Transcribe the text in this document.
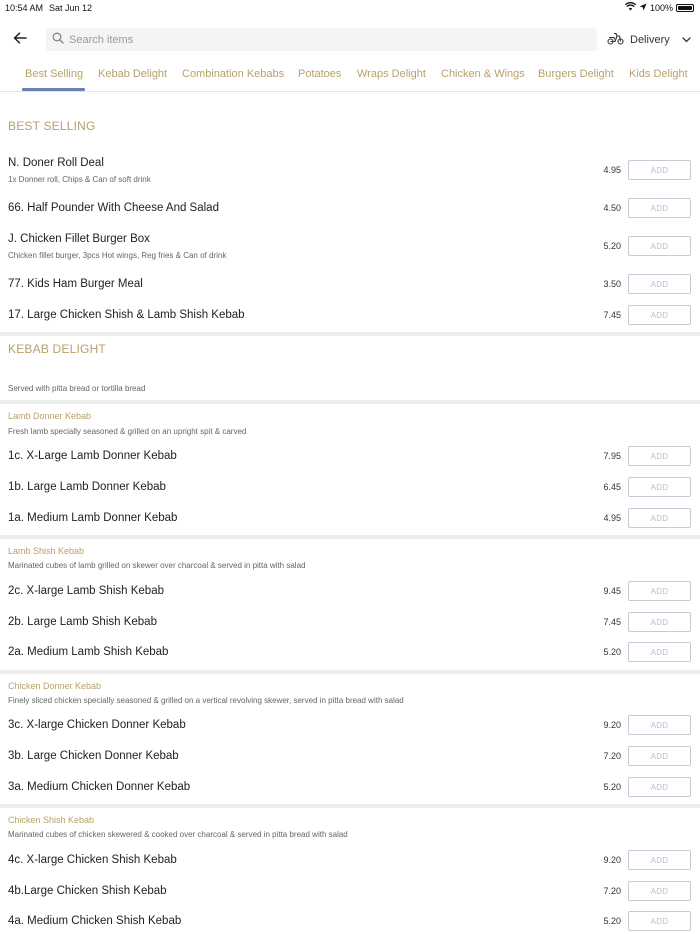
10:54 AM Sat Jun 12	100%
Search items
Delivery
Best Selling Kebab Delight Combination Kebabs Potatoes Wraps Delight Chicken & Wings Burgers Delight Kids Delight
BEST SELLING
N. Doner Roll Deal
1x Donner roll, Chips & Can of soft drink
4.95	ADD
66. Half Pounder With Cheese And Salad	4.50	ADD
J. Chicken Fillet Burger Box
Chicken fillet burger, 3pcs Hot wings, Reg fries & Can of drink
5.20	ADD
77. Kids Ham Burger Meal	3.50	ADD
17. Large Chicken Shish & Lamb Shish Kebab	7.45	ADD
KEBAB DELIGHT
Served with pitta bread or tortilla bread
Lamb Donner Kebab
Fresh lamb specially seasoned & grilled on an upright spit & carved
1c. X-Large Lamb Donner Kebab	7.95	ADD
1b. Large Lamb Donner Kebab	6.45	ADD
1a. Medium Lamb Donner Kebab	4.95	ADD
Lamb Shish Kebab
Marinated cubes of lamb grilled on skewer over charcoal & served in pitta with salad
2c. X-large Lamb Shish Kebab	9.45	ADD
2b. Large Lamb Shish Kebab	7.45	ADD
2a. Medium Lamb Shish Kebab	5.20	ADD
Chicken Donner Kebab
Finely sliced chicken specially seasoned & grilled on a vertical revolving skewer, served in pitta bread with salad
3c. X-large Chicken Donner Kebab	9.20	ADD
3b. Large Chicken Donner Kebab	7.20	ADD
3a. Medium Chicken Donner Kebab	5.20	ADD
Chicken Shish Kebab
Marinated cubes of chicken skewered & cooked over charcoal & served in pitta bread with salad
4c. X-large Chicken Shish Kebab	9.20	ADD
4b.Large Chicken Shish Kebab	7.20	ADD
4a. Medium Chicken Shish Kebab	5.20	ADD
